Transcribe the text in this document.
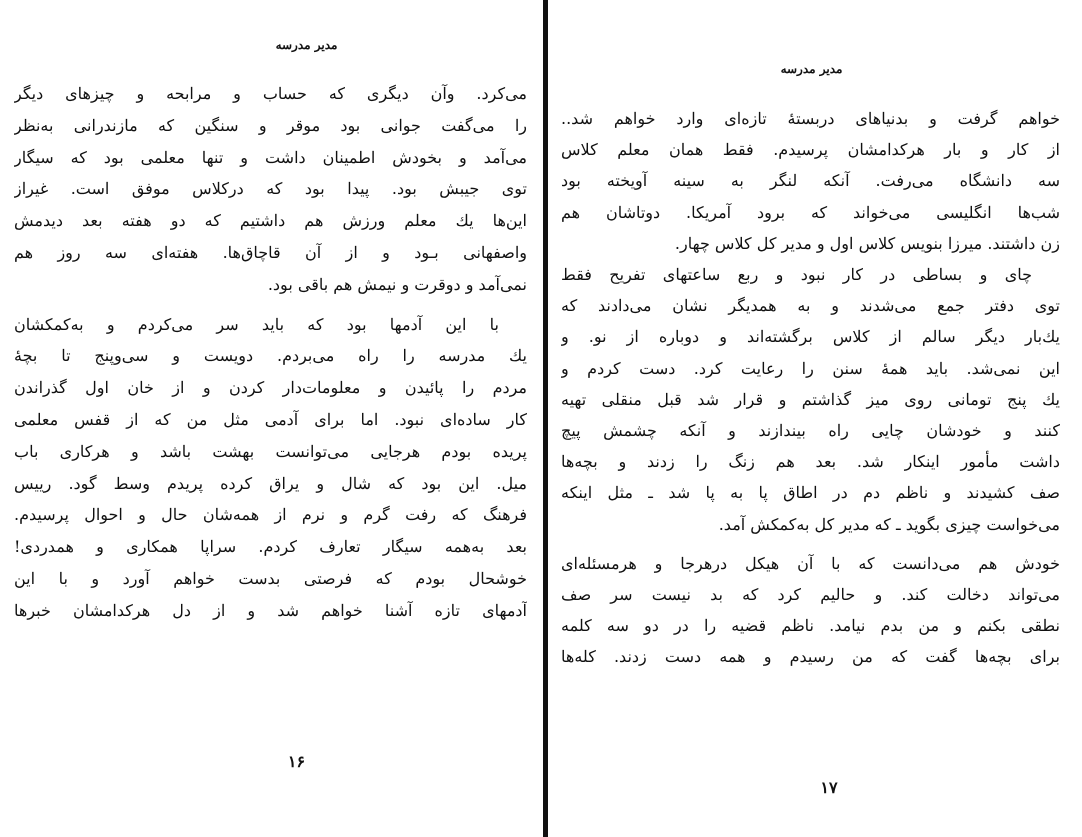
مدیر مدرسه
می‌کرد. وآن دیگری که حساب و مرابحه و چیزهای دیگر
را می‌گفت جوانی بود موقر و سنگین که مازندرانی به‌نظر
می‌آمد و بخودش اطمینان داشت و تنها معلمی بود که سیگار
توی جیبش بود. پیدا بود که درکلاس موفق است. غیراز
این‌ها یك معلم ورزش هم داشتیم که دو هفته بعد دیدمش
واصفهانی بـود و از آن قاچاق‌ها. هفته‌ای سه روز هم
نمی‌آمد و دوقرت و نیمش هم باقی بود.
با این آدمها بود که باید سر می‌کردم و به‌کمکشان
یك مدرسه را راه می‌بردم. دویست و سی‌و‌پنج تا بچهٔ
مردم را پائیدن و معلومات‌دار کردن و از خان اول گذراندن
کار ساده‌ای نبود. اما برای آدمی مثل من که از قفس معلمی
پریده بودم هرجایی می‌توانست بهشت باشد و هرکاری باب
میل. این بود که شال و یراق کرده پریدم وسط گود. رییس
فرهنگ که رفت گرم و نرم از همه‌شان حال و احوال پرسیدم.
بعد به‌همه سیگار تعارف کردم. سراپا همکاری و همدردی!
خوشحال بودم که فرصتی بدست خواهم آورد و با این
آدمهای تازه آشنا خواهم شد و از دل هرکدامشان خبرها
۱۶
مدیر مدرسه
خواهم گرفت و بدنیاهای دربستهٔ تازه‌ای وارد خواهم شد..
از کار و بار هرکدامشان پرسیدم. فقط همان معلم کلاس
سه دانشگاه می‌رفت. آنکه لنگر به سینه آویخته بود
شب‌ها انگلیسی می‌خواند که برود آمریکا. دوتاشان هم
زن داشتند. میرزا بنویس کلاس اول و مدیر کل کلاس چهار.
چای و بساطی در کار نبود و ربع ساعتهای تفریح فقط
توی دفتر جمع می‌شدند و به همدیگر نشان می‌دادند که
یك‌بار دیگر سالم از کلاس برگشته‌اند و دوباره از نو. و
این نمی‌شد. باید همهٔ سنن را رعایت کرد. دست کردم و
یك پنج تومانی روی میز گذاشتم و قرار شد قبل منقلی تهیه
کنند و خودشان چایی راه بیندازند و آنکه چشمش پیچ
داشت مأمور اینکار شد. بعد هم زنگ را زدند و بچه‌ها
صف کشیدند و ناظم دم در اطاق پا به پا شد ـ مثل اینکه
می‌خواست چیزی بگوید ـ که مدیر کل به‌کمکش آمد.
خودش هم می‌دانست که با آن هیکل درهرجا و هرمسئله‌ای
می‌تواند دخالت کند. و حالیم کرد که بد نیست سر صف
نطقی بکنم و من بدم نیامد. ناظم قضیه را در دو سه کلمه
برای بچه‌ها گفت که من رسیدم و همه دست زدند. کله‌ها
۱۷
